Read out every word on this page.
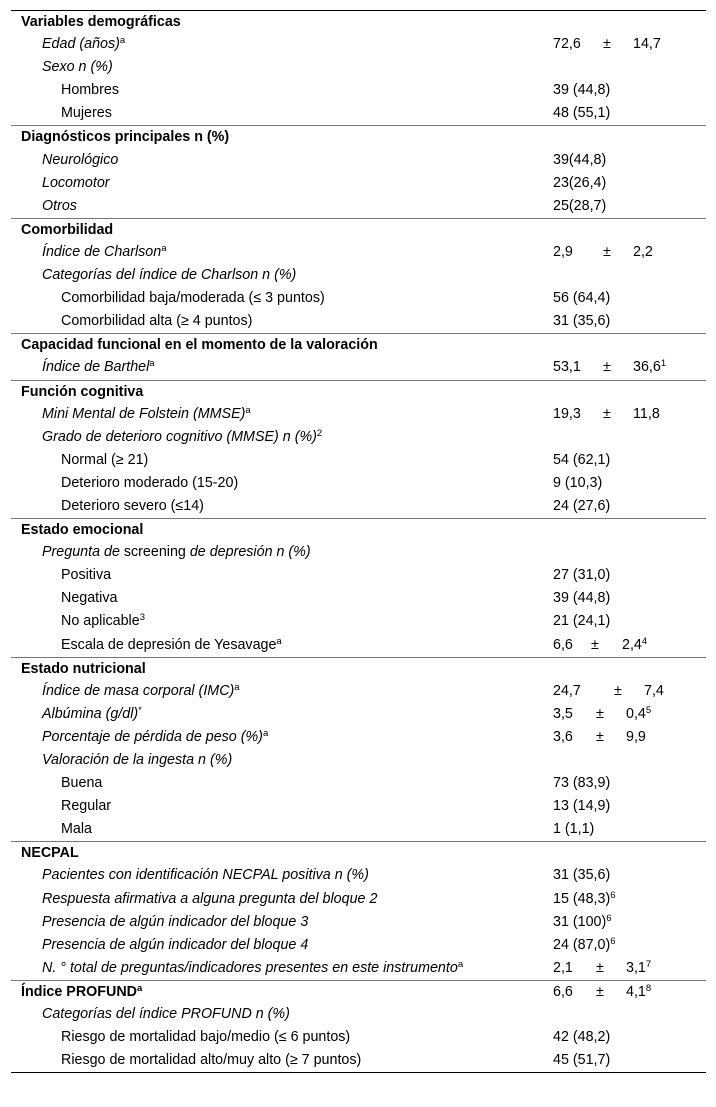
Variables demográficas
Edad (años)$^a$	72,6 ± 14,7
Sexo n (%)
Hombres	39 (44,8)
Mujeres	48 (55,1)
Diagnósticos principales n (%)
Neurológico	39(44,8)
Locomotor	23(26,4)
Otros	25(28,7)
Comorbilidad
Índice de Charlson$^a$	2,9 ± 2,2
Categorías del índice de Charlson n (%)
Comorbilidad baja/moderada (≤ 3 puntos)	56 (64,4)
Comorbilidad alta (≥ 4 puntos)	31 (35,6)
Capacidad funcional en el momento de la valoración
Índice de Barthel$^a$	$53,1 \pm 36,6^1$
Función cognitiva
Mini Mental de Folstein (MMSE)$^a$	19,3 ± 11,8
Grado de deterioro cognitivo (MMSE) n (%)$^2$
Normal (≥ 21)	54 (62,1)
Deterioro moderado (15-20)	9 (10,3)
Deterioro severo (≤14)	24 (27,6)
Estado emocional
Pregunta de screening de depresión n (%)
Positiva	27 (31,0)
Negativa	39 (44,8)
No aplicable$^3$	21 (24,1)
Escala de depresión de Yesavage$^a$	$6,6 \pm 2,4^4$
Estado nutricional
Índice de masa corporal (IMC)$^a$	24,7 ± 7,4
Albúmina (g/dl)*	$3,5 \pm 0,4^5$
Porcentaje de pérdida de peso (%)$^a$	3,6 ± 9,9
Valoración de la ingesta n (%)
Buena	73 (83,9)
Regular	13 (14,9)
Mala	1 (1,1)
NECPAL
Pacientes con identificación NECPAL positiva n (%)	31 (35,6)
Respuesta afirmativa a alguna pregunta del bloque 2	15 $(48,3)^6$
Presencia de algún indicador del bloque 3	31 $(100)^6$
Presencia de algún indicador del bloque 4	24 $(87,0)^6$
N. ° total de preguntas/indicadores presentes en este instrumento$^a$	$2,1 \pm 3,1^7$
Índice PROFUND$^a$	$6,6 \pm 4,1^8$
Categorías del índice PROFUND n (%)
Riesgo de mortalidad bajo/medio (≤ 6 puntos)	42 (48,2)
Riesgo de mortalidad alto/muy alto (≥ 7 puntos)	45 (51,7)
